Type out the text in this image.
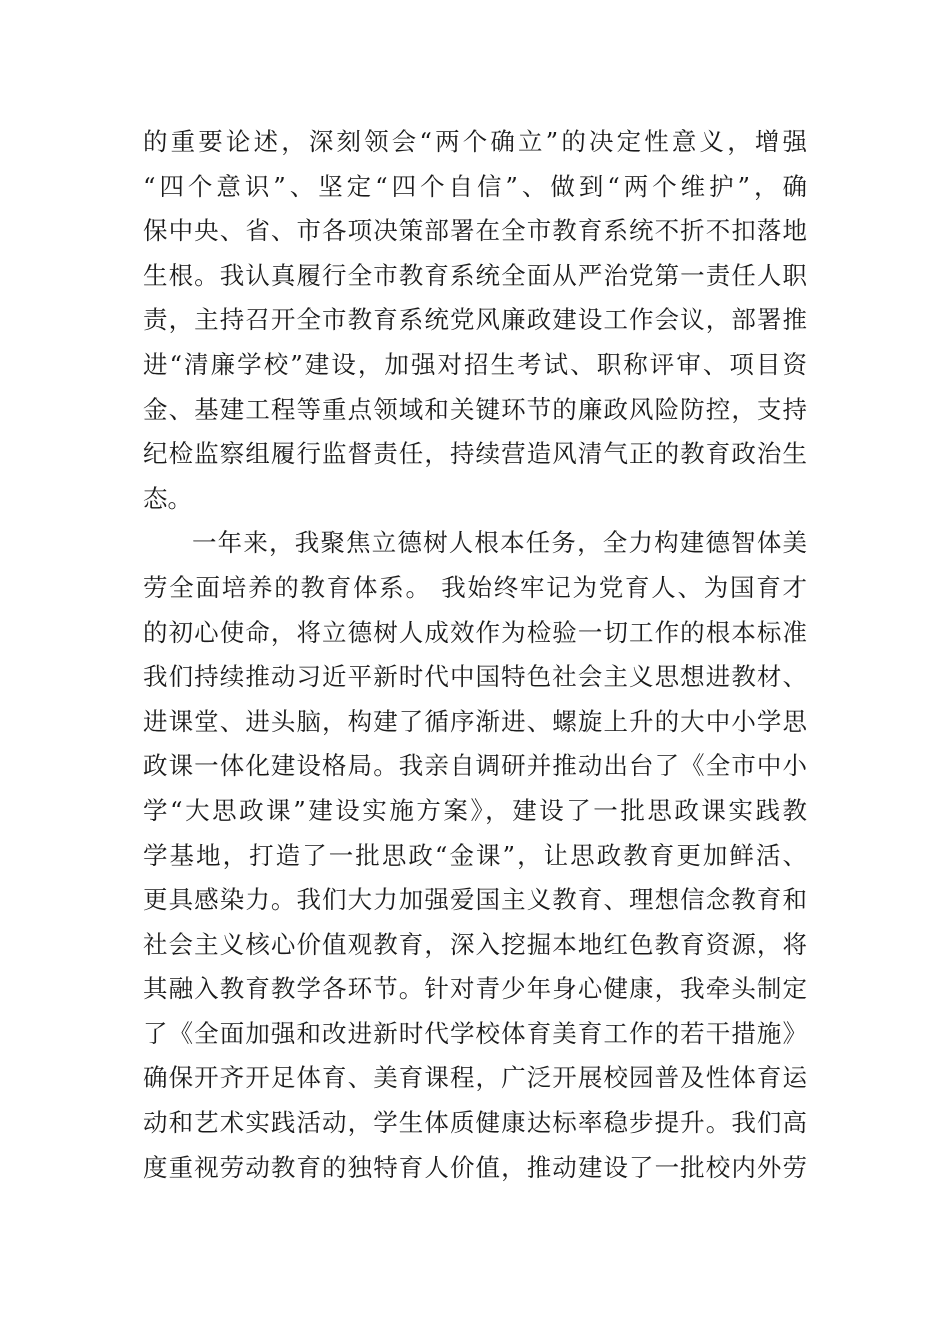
的重要论述，深刻领会“两个确立”的决定性意义，增强
“四个意识”、坚定“四个自信”、做到“两个维护”，确
保中央、省、市各项决策部署在全市教育系统不折不扣落地
生根。我认真履行全市教育系统全面从严治党第一责任人职
责，主持召开全市教育系统党风廉政建设工作会议，部署推
进“清廉学校”建设，加强对招生考试、职称评审、项目资
金、基建工程等重点领域和关键环节的廉政风险防控，支持
纪检监察组履行监督责任，持续营造风清气正的教育政治生
态。
一年来，我聚焦立德树人根本任务，全力构建德智体美
劳全面培养的教育体系。 我始终牢记为党育人、为国育才
的初心使命，将立德树人成效作为检验一切工作的根本标准
我们持续推动习近平新时代中国特色社会主义思想进教材、
进课堂、进头脑，构建了循序渐进、螺旋上升的大中小学思
政课一体化建设格局。我亲自调研并推动出台了《全市中小
学“大思政课”建设实施方案》，建设了一批思政课实践教
学基地，打造了一批思政“金课”，让思政教育更加鲜活、
更具感染力。我们大力加强爱国主义教育、理想信念教育和
社会主义核心价值观教育，深入挖掘本地红色教育资源，将
其融入教育教学各环节。针对青少年身心健康，我牵头制定
了《全面加强和改进新时代学校体育美育工作的若干措施》
确保开齐开足体育、美育课程，广泛开展校园普及性体育运
动和艺术实践活动，学生体质健康达标率稳步提升。我们高
度重视劳动教育的独特育人价值，推动建设了一批校内外劳
